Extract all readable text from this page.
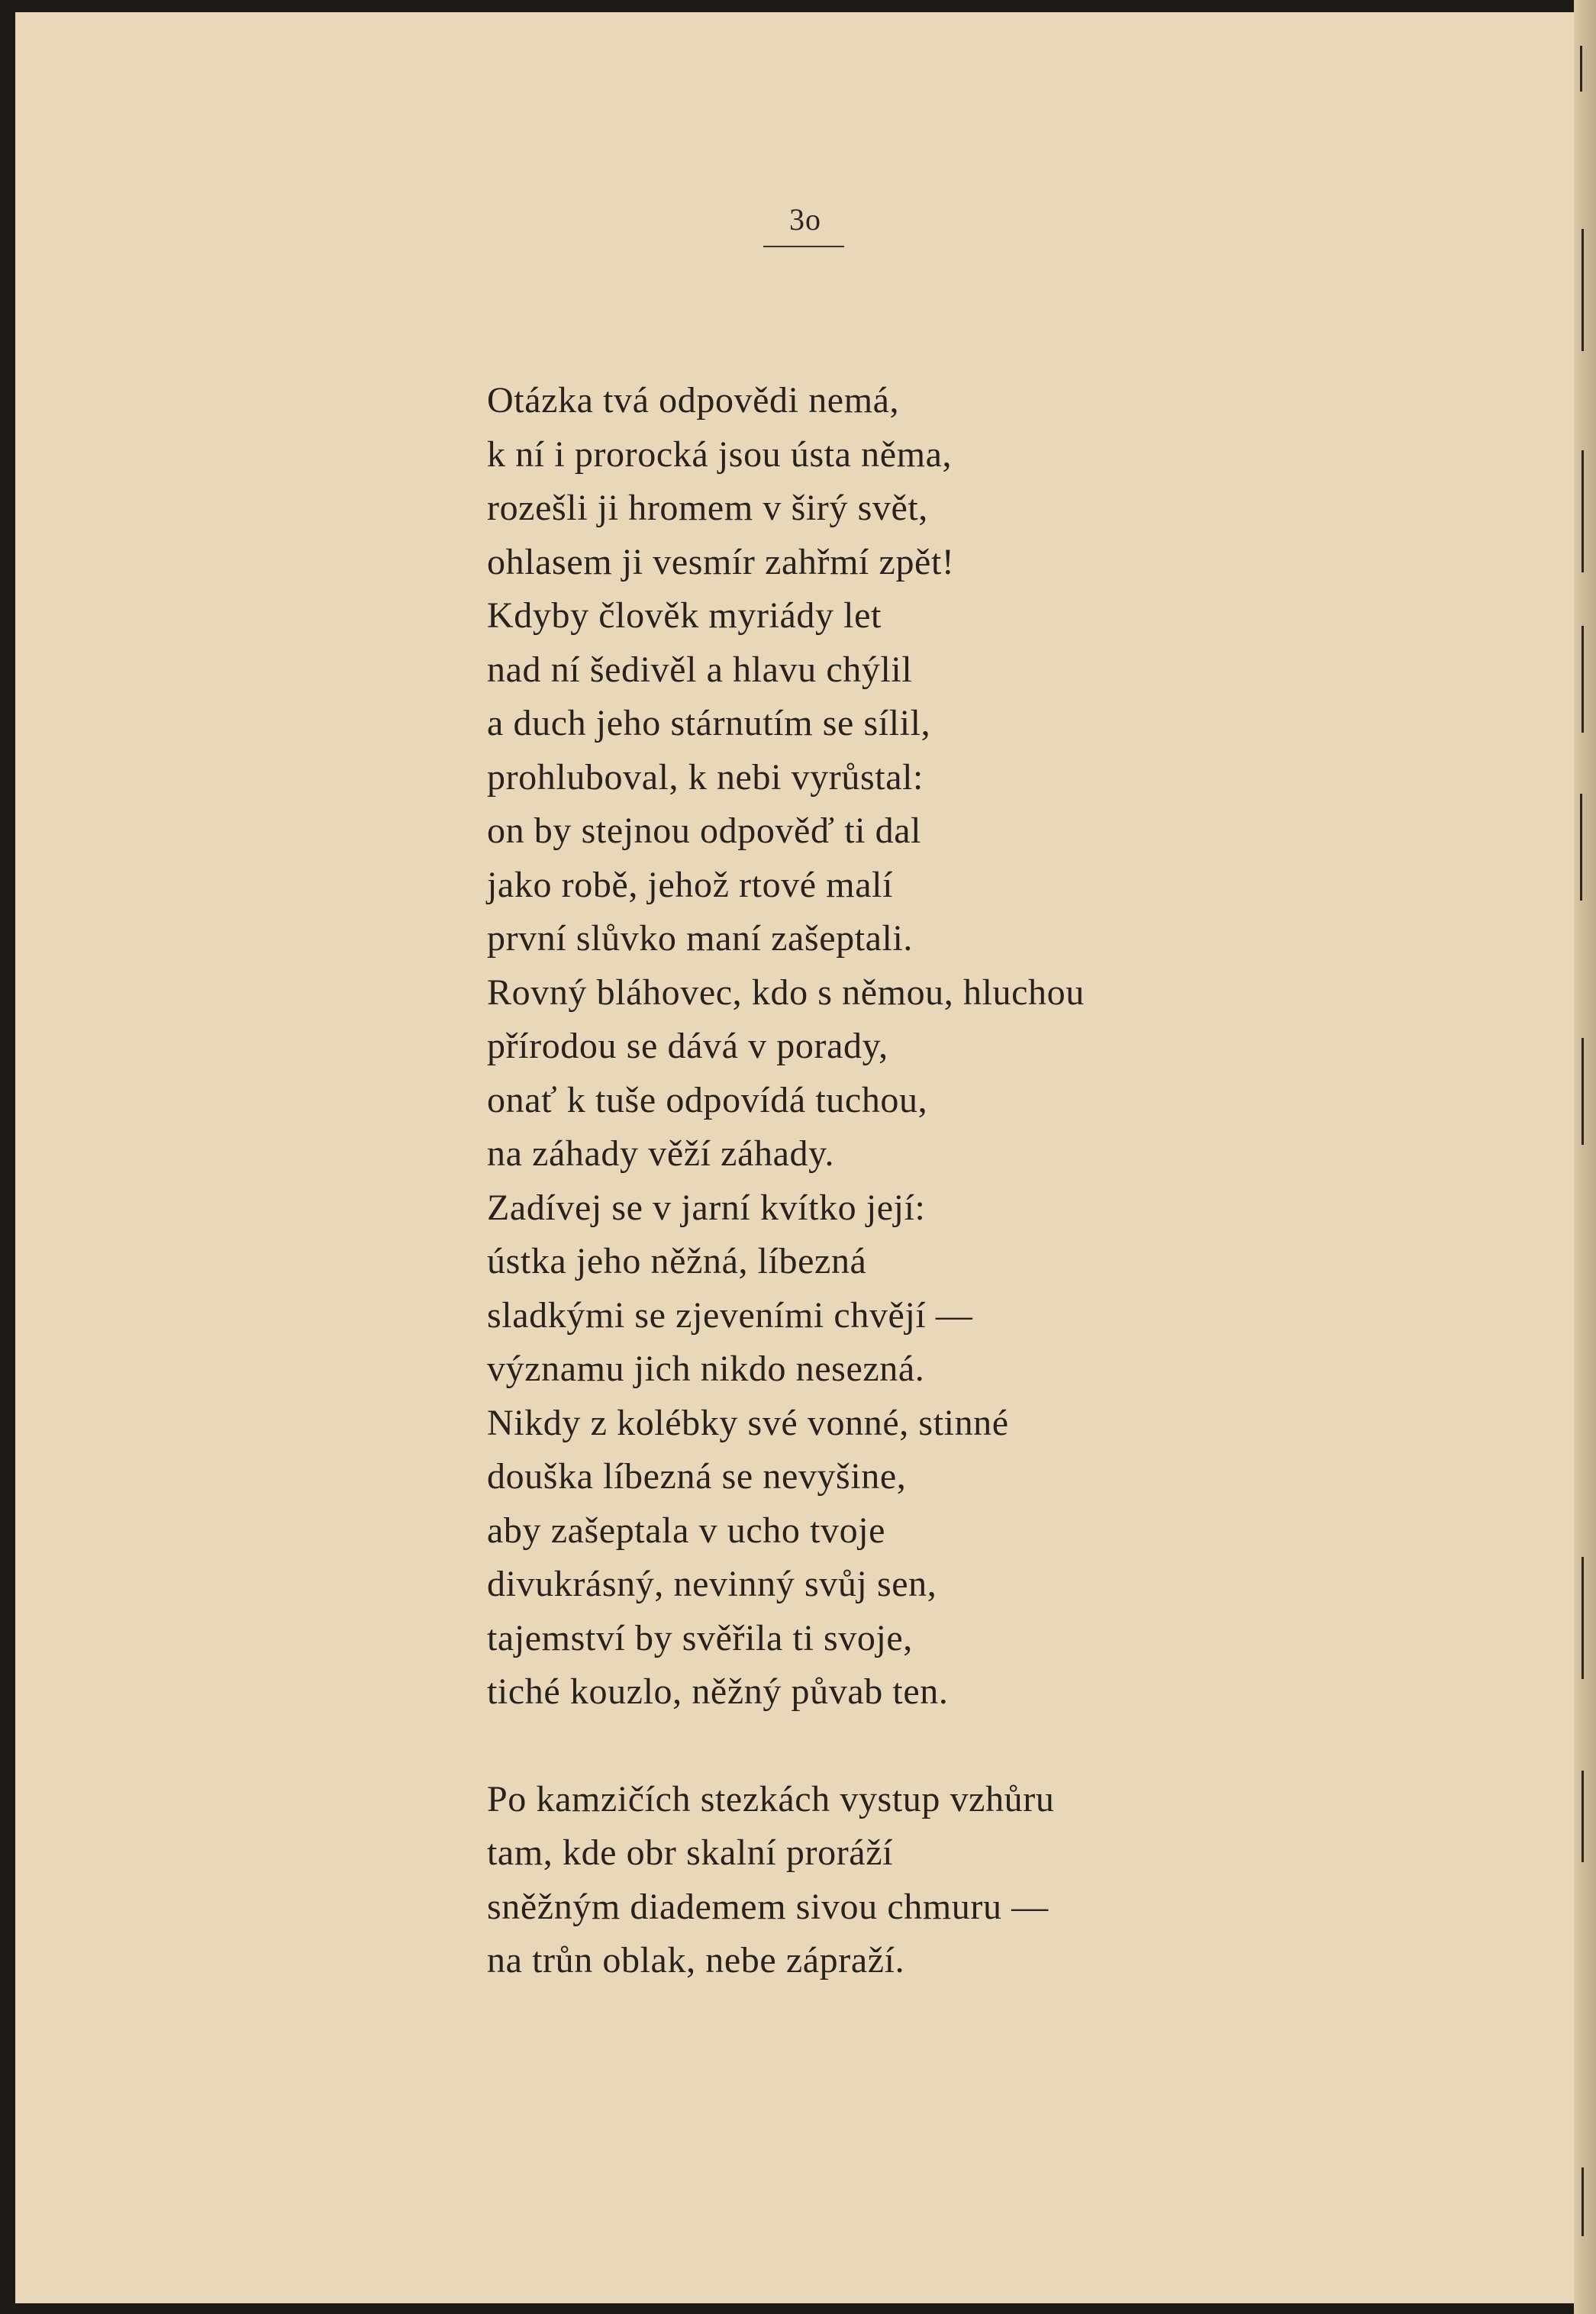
3o
Otázka tvá odpovědi nemá,
k ní i prorocká jsou ústa něma,
rozešli ji hromem v širý svět,
ohlasem ji vesmír zahřmí zpět!
Kdyby člověk myriády let
nad ní šedivěl a hlavu chýlil
a duch jeho stárnutím se sílil,
prohluboval, k nebi vyrůstal:
on by stejnou odpověď ti dal
jako robě, jehož rtové malí
první slůvko maní zašeptali.
Rovný bláhovec, kdo s němou, hluchou
přírodou se dává v porady,
onať k tuše odpovídá tuchou,
na záhady věží záhady.
Zadívej se v jarní kvítko její:
ústka jeho něžná, líbezná
sladkými se zjeveními chvějí —
významu jich nikdo nesezná.
Nikdy z kolébky své vonné, stinné
douška líbezná se nevyšine,
aby zašeptala v ucho tvoje
divukrásný, nevinný svůj sen,
tajemství by svěřila ti svoje,
tiché kouzlo, něžný půvab ten.
Po kamzičích stezkách vystup vzhůru
tam, kde obr skalní proráží
sněžným diademem sivou chmuru —
na trůn oblak, nebe zápraží.
